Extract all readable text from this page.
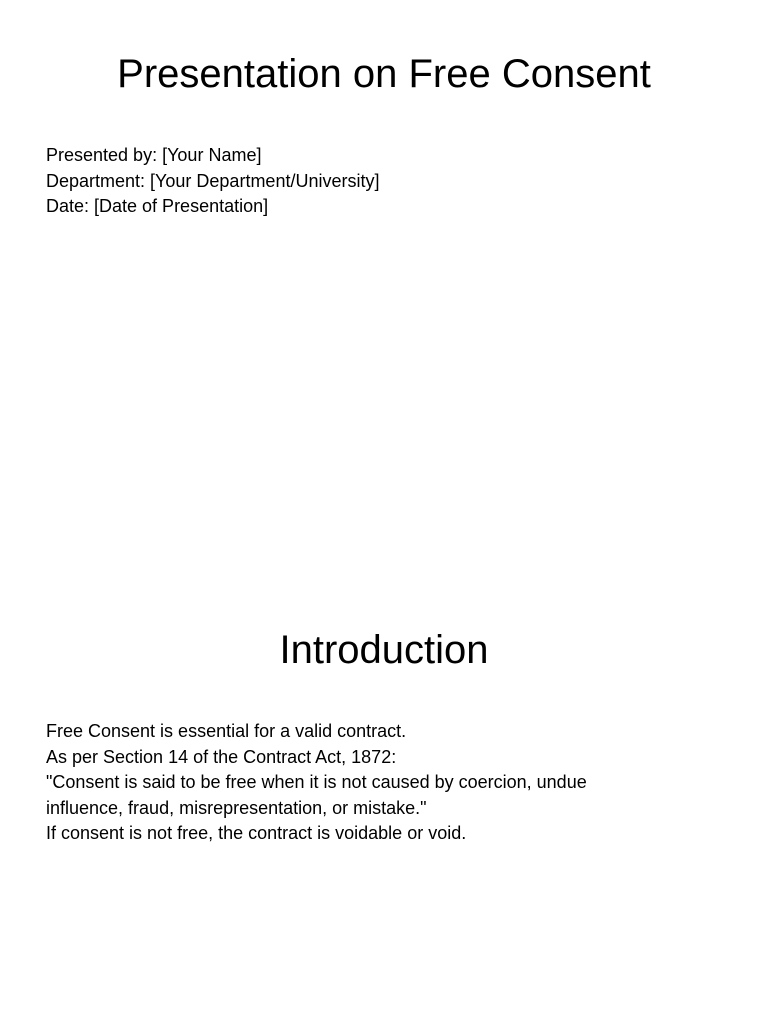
Presentation on Free Consent
Presented by: [Your Name]
Department: [Your Department/University]
Date: [Date of Presentation]
Introduction
Free Consent is essential for a valid contract.
As per Section 14 of the Contract Act, 1872:
"Consent is said to be free when it is not caused by coercion, undue
influence, fraud, misrepresentation, or mistake."
If consent is not free, the contract is voidable or void.
